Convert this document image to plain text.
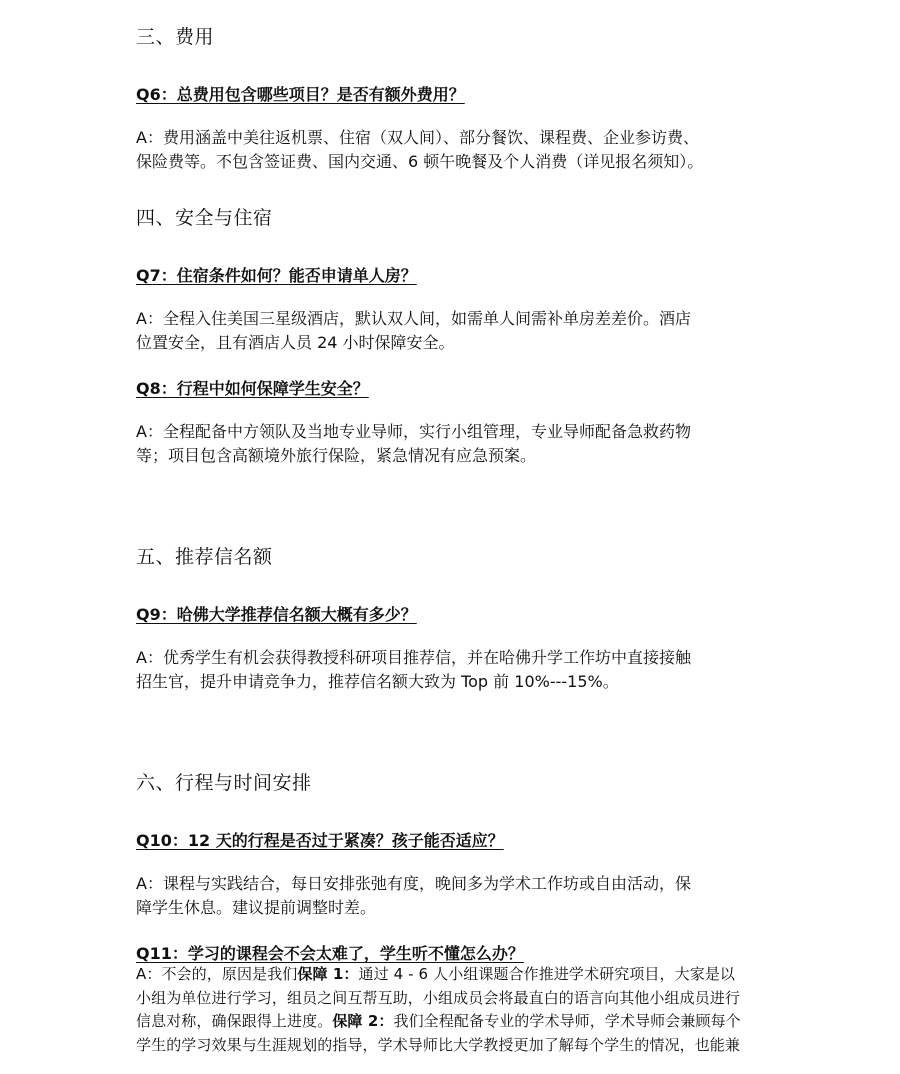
三、费用

Q6：总费用包含哪些项目？是否有额外费用？

A：费用涵盖中美往返机票、住宿（双人间）、部分餐饮、课程费、企业参访费、
保险费等。不包含签证费、国内交通、6 顿午晚餐及个人消费（详见报名须知）。

四、安全与住宿

Q7：住宿条件如何？能否申请单人房？

A：全程入住美国三星级酒店，默认双人间，如需单人间需补单房差差价。酒店
位置安全，且有酒店人员 24 小时保障安全。

Q8：行程中如何保障学生安全？

A：全程配备中方领队及当地专业导师，实行小组管理，专业导师配备急救药物
等；项目包含高额境外旅行保险，紧急情况有应急预案。

五、推荐信名额

Q9：哈佛大学推荐信名额大概有多少？

A：优秀学生有机会获得教授科研项目推荐信，并在哈佛升学工作坊中直接接触
招生官，提升申请竞争力，推荐信名额大致为 Top 前 10%---15%。

六、行程与时间安排

Q10：12 天的行程是否过于紧凑？孩子能否适应？

A：课程与实践结合，每日安排张弛有度，晚间多为学术工作坊或自由活动，保
障学生休息。建议提前调整时差。

Q11：学习的课程会不会太难了，学生听不懂怎么办？

A：不会的，原因是我们保障 1：通过 4 - 6 人小组课题合作推进学术研究项目，大家是以
小组为单位进行学习，组员之间互帮互助，小组成员会将最直白的语言向其他小组成员进行
信息对称，确保跟得上进度。保障 2：我们全程配备专业的学术导师，学术导师会兼顾每个
学生的学习效果与生涯规划的指导，学术导师比大学教授更加了解每个学生的情况，也能兼
